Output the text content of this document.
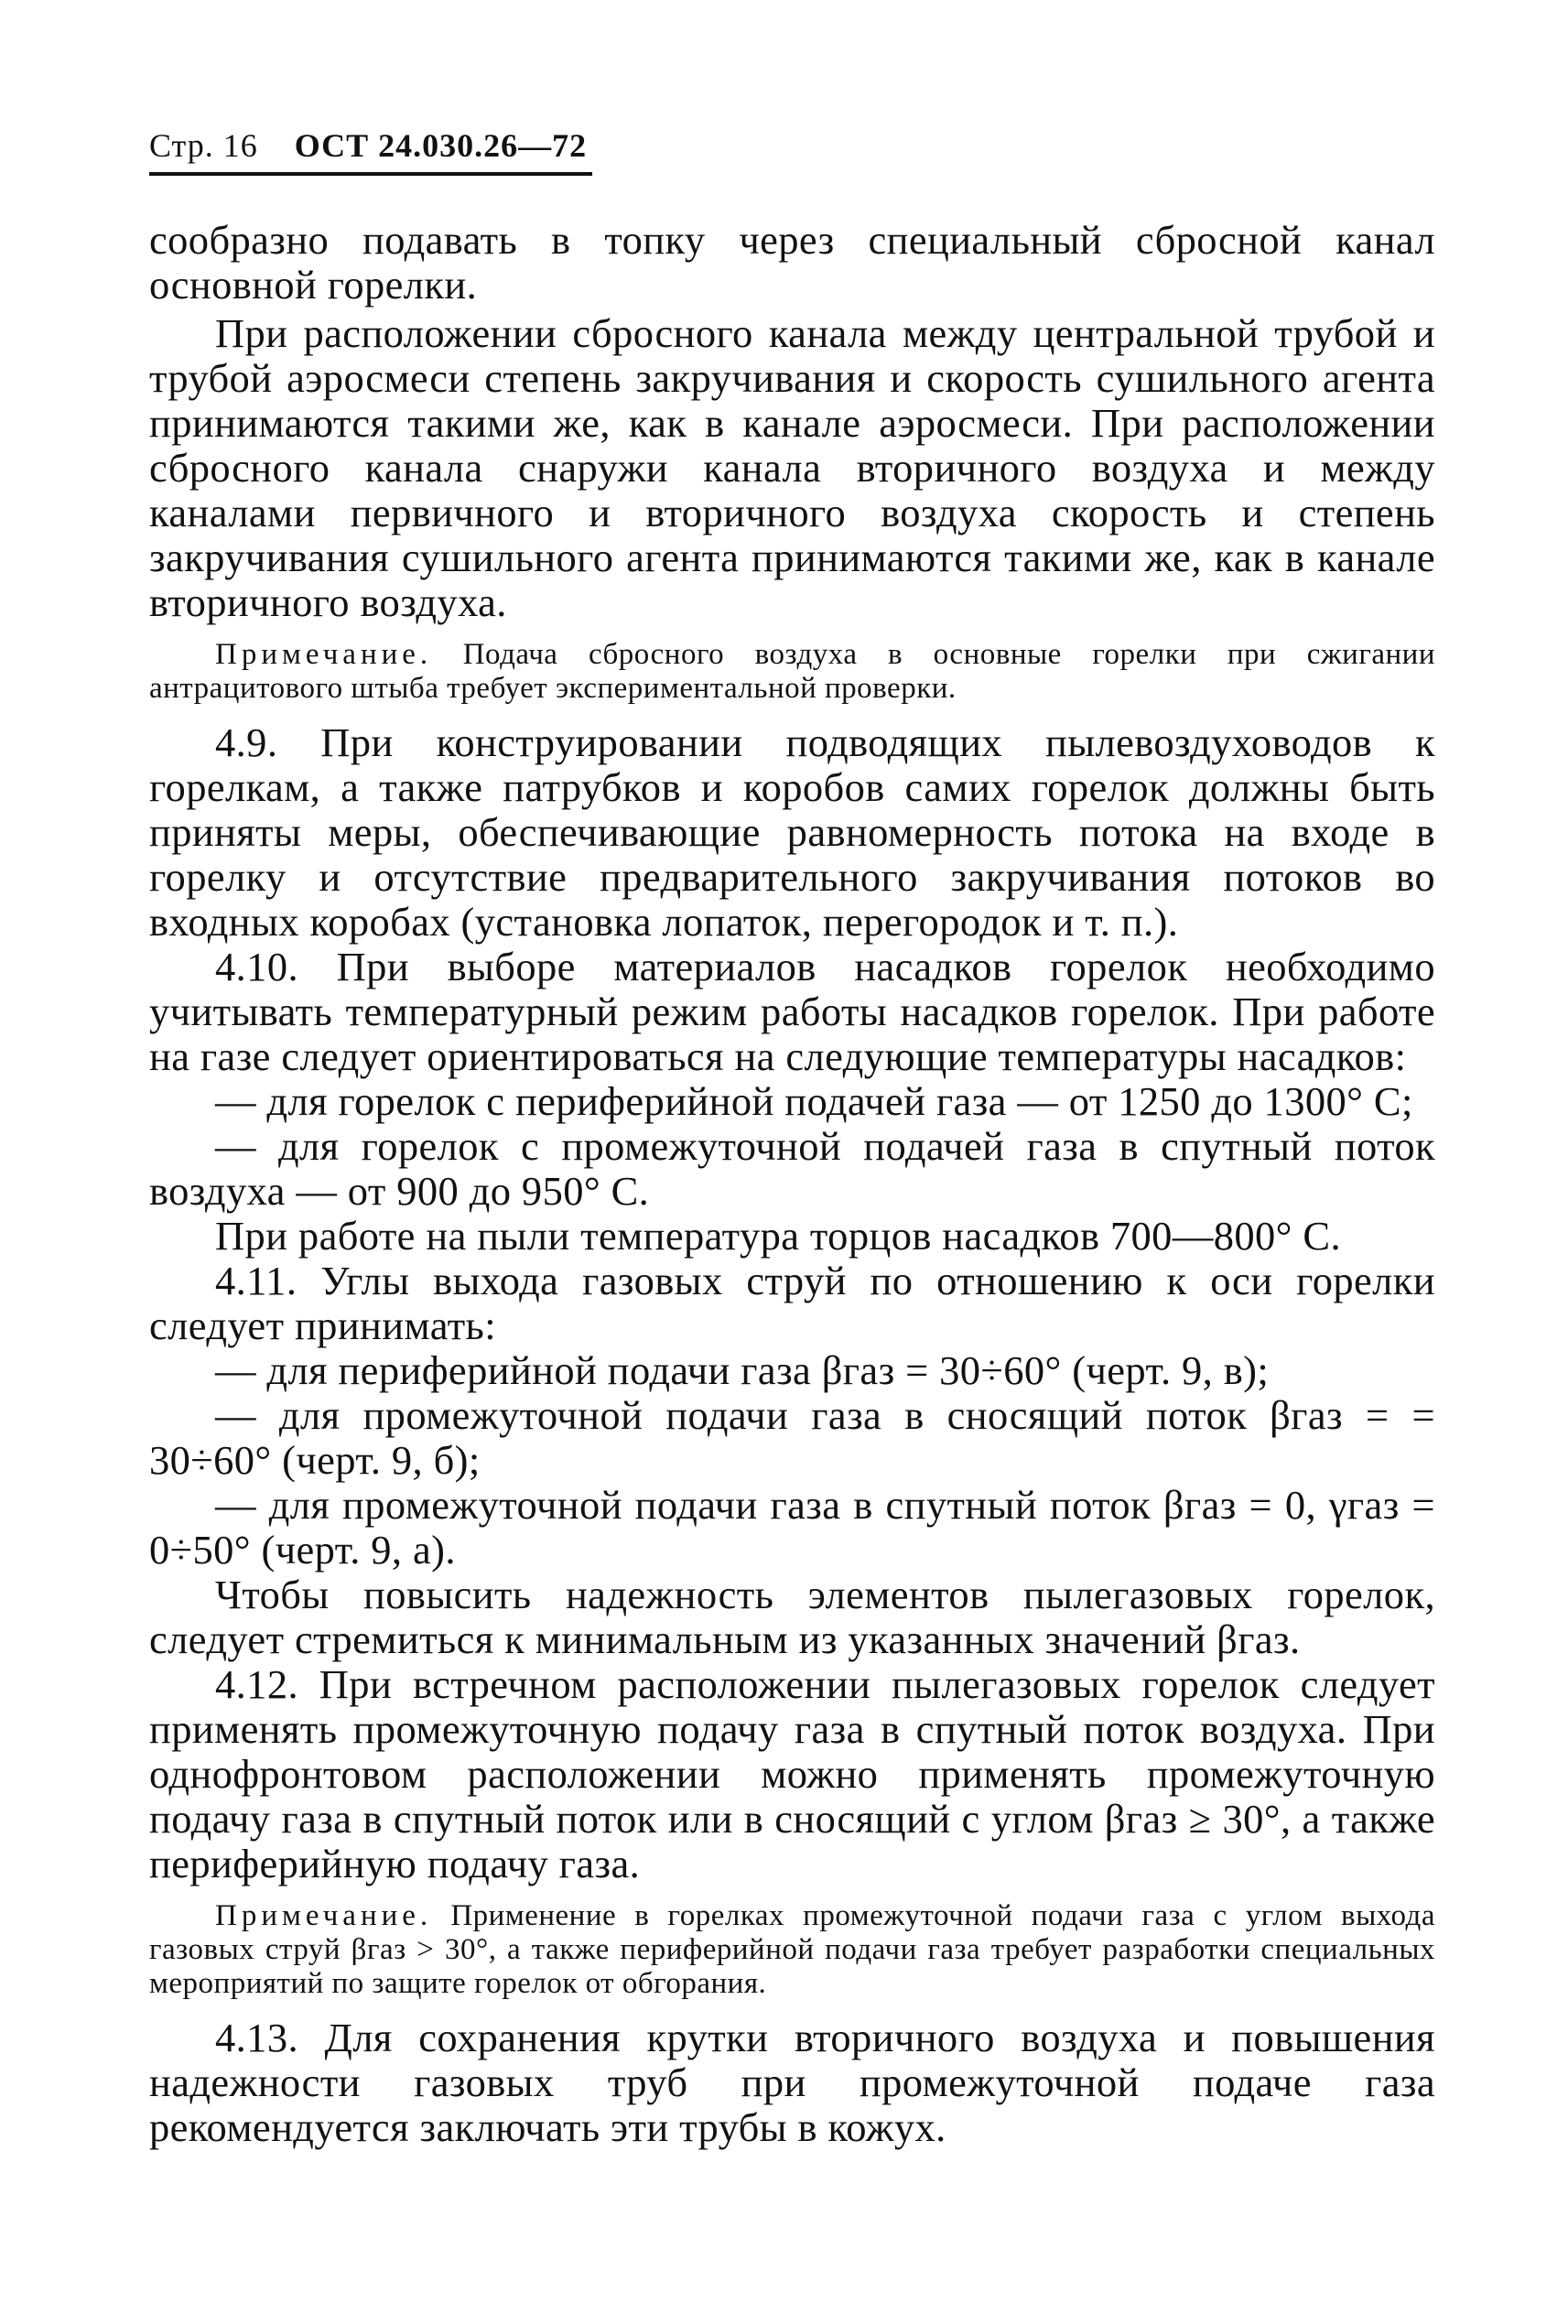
Стр. 16 ОСТ 24.030.26—72

сообразно подавать в топку через специальный сбросной канал основной горелки.

При расположении сбросного канала между центральной трубой и трубой аэросмеси степень закручивания и скорость сушильного агента принимаются такими же, как в канале аэросмеси. При расположении сбросного канала снаружи канала вторичного воздуха и между каналами первичного и вторичного воздуха скорость и степень закручивания сушильного агента принимаются такими же, как в канале вторичного воздуха.

Примечание. Подача сбросного воздуха в основные горелки при сжигании антрацитового штыба требует экспериментальной проверки.

4.9. При конструировании подводящих пылевоздуховодов к горелкам, а также патрубков и коробов самих горелок должны быть приняты меры, обеспечивающие равномерность потока на входе в горелку и отсутствие предварительного закручивания потоков во входных коробах (установка лопаток, перегородок и т. п.).

4.10. При выборе материалов насадков горелок необходимо учитывать температурный режим работы насадков горелок. При работе на газе следует ориентироваться на следующие температуры насадков:

— для горелок с периферийной подачей газа — от 1250 до 1300° С;

— для горелок с промежуточной подачей газа в спутный поток воздуха — от 900 до 950° С.

При работе на пыли температура торцов насадков 700—800° С.

4.11. Углы выхода газовых струй по отношению к оси горелки следует принимать:

— для периферийной подачи газа βгаз = 30÷60° (черт. 9, в);

— для промежуточной подачи газа в сносящий поток βгаз = = 30÷60° (черт. 9, б);

— для промежуточной подачи газа в спутный поток βгаз = 0, γгаз = 0÷50° (черт. 9, а).

Чтобы повысить надежность элементов пылегазовых горелок, следует стремиться к минимальным из указанных значений βгаз.

4.12. При встречном расположении пылегазовых горелок следует применять промежуточную подачу газа в спутный поток воздуха. При однофронтовом расположении можно применять промежуточную подачу газа в спутный поток или в сносящий с углом βгаз ≥ 30°, а также периферийную подачу газа.

Примечание. Применение в горелках промежуточной подачи газа с углом выхода газовых струй βгаз > 30°, а также периферийной подачи газа требует разработки специальных мероприятий по защите горелок от обгорания.

4.13. Для сохранения крутки вторичного воздуха и повышения надежности газовых труб при промежуточной подаче газа рекомендуется заключать эти трубы в кожух.
